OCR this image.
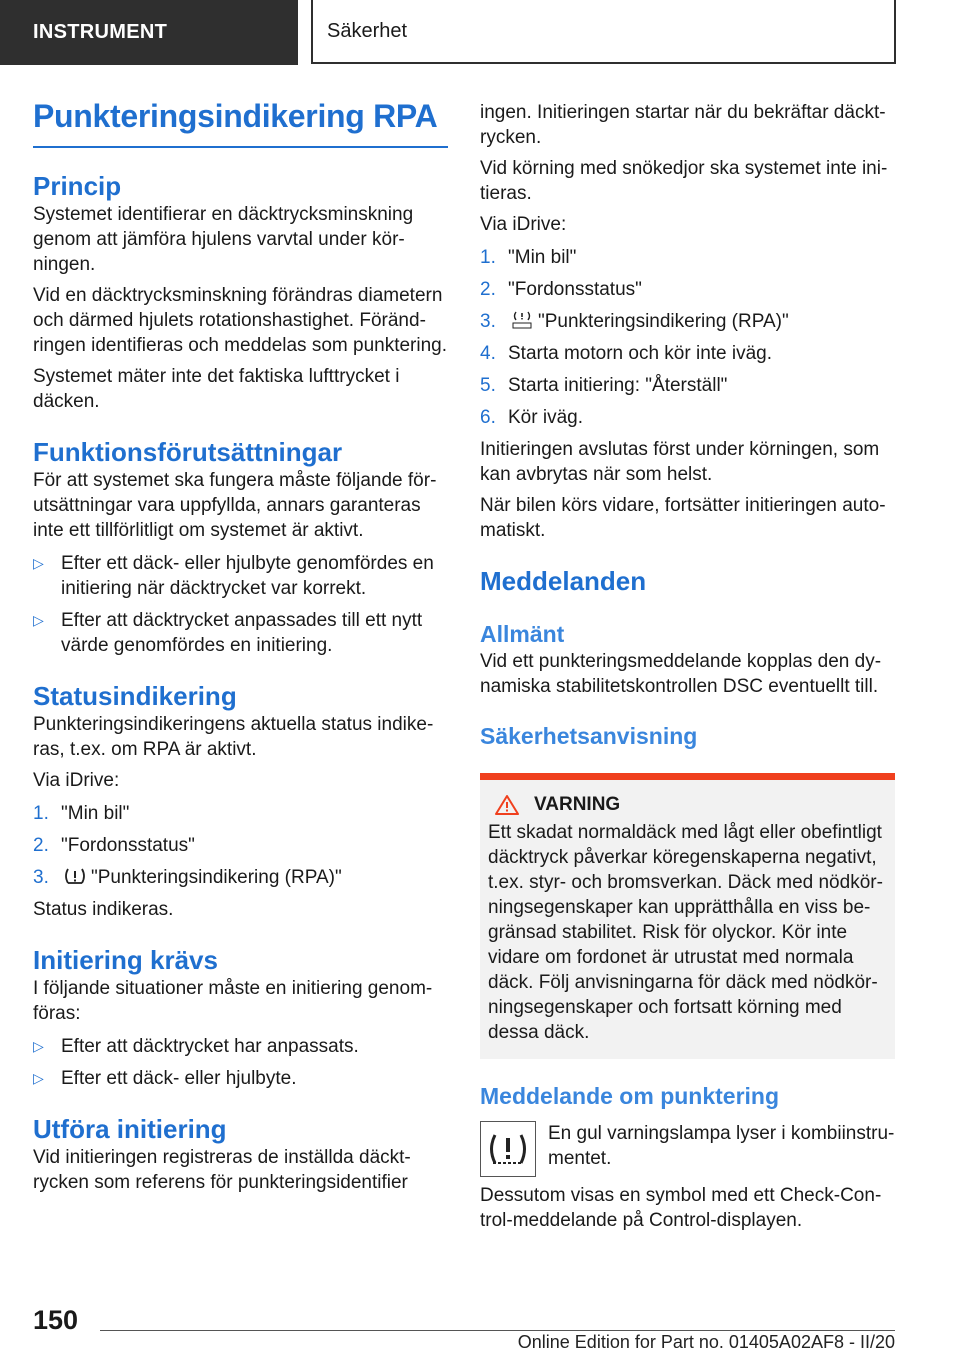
INSTRUMENT	Säkerhet
Punkteringsindikering RPA
Princip

Systemet identifierar en däcktrycksminskning genom att jämföra hjulens varvtal under körningen.

Vid en däcktrycksminskning förändras diametern och därmed hjulets rotationshastighet. Förändringen identifieras och meddelas som punktering.

Systemet mäter inte det faktiska lufttrycket i däcken.

Funktionsförutsättningar

För att systemet ska fungera måste följande förutsättningar vara uppfyllda, annars garanteras inte ett tillförlitligt om systemet är aktivt.

▷ Efter ett däck- eller hjulbyte genomfördes en initiering när däcktrycket var korrekt.
▷ Efter att däcktrycket anpassades till ett nytt värde genomfördes en initiering.
Statusindikering

Punkteringsindikeringens aktuella status indikeras, t.ex. om RPA är aktivt.

Via iDrive:

1. "Min bil"
2. "Fordonsstatus"
3. "Punkteringsindikering (RPA)"

Status indikeras.

Initiering krävs

I följande situationer måste en initiering genomföras:

▷ Efter att däcktrycket har anpassats.
▷ Efter ett däck- eller hjulbyte.
Utföra initiering

Vid initieringen registreras de inställda däcktrycken som referens för punkteringsidentifier

ingen. Initieringen startar när du bekräftar däcktrycken.

Vid körning med snökedjor ska systemet inte initieras.

Via iDrive:

1. "Min bil"
2. "Fordonsstatus"
3. "Punkteringsindikering (RPA)"
4. Starta motorn och kör inte iväg.
5. Starta initiering: "Återställ"
6. Kör iväg.

Initieringen avslutas först under körningen, som kan avbrytas när som helst.

När bilen körs vidare, fortsätter initieringen automatiskt.

Meddelanden
Allmänt

Vid ett punkteringsmeddelande kopplas den dynamiska stabilitetskontrollen DSC eventuellt till.

Säkerhetsanvisning
VARNING

Ett skadat normaldäck med lågt eller obefintligt däcktryck påverkar köregenskaperna negativt, t.ex. styr- och bromsverkan. Däck med nödkörningsegenskaper kan upprätthålla en viss begränsad stabilitet. Risk för olyckor. Kör inte vidare om fordonet är utrustat med normala däck. Följ anvisningarna för däck med nödkörningsegenskaper och fortsatt körning med dessa däck.

Meddelande om punktering

En gul varningslampa lyser i kombiinstrumentet.

Dessutom visas en symbol med ett Check-Control-meddelande på Control-displayen.

150
Online Edition for Part no. 01405A02AF8 - II/20
